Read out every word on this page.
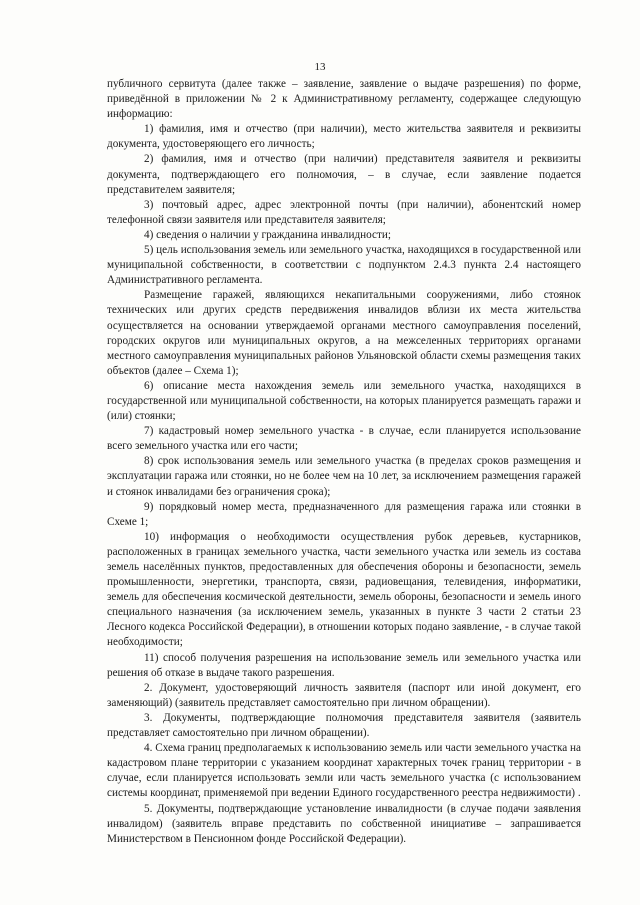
13

публичного сервитута (далее также – заявление, заявление о выдаче разрешения) по форме, приведённой в приложении № 2 к Административному регламенту, содержащее следующую информацию:

1) фамилия, имя и отчество (при наличии), место жительства заявителя и реквизиты документа, удостоверяющего его личность;

2) фамилия, имя и отчество (при наличии) представителя заявителя и реквизиты документа, подтверждающего его полномочия, – в случае, если заявление подается представителем заявителя;

3) почтовый адрес, адрес электронной почты (при наличии), абонентский номер телефонной связи заявителя или представителя заявителя;

4) сведения о наличии у гражданина инвалидности;

5) цель использования земель или земельного участка, находящихся в государственной или муниципальной собственности, в соответствии с подпунктом 2.4.3 пункта 2.4 настоящего Административного регламента.

Размещение гаражей, являющихся некапитальными сооружениями, либо стоянок технических или других средств передвижения инвалидов вблизи их места жительства осуществляется на основании утверждаемой органами местного самоуправления поселений, городских округов или муниципальных округов, а на межселенных территориях органами местного самоуправления муниципальных районов Ульяновской области схемы размещения таких объектов (далее – Схема 1);

6) описание места нахождения земель или земельного участка, находящихся в государственной или муниципальной собственности, на которых планируется размещать гаражи и (или) стоянки;

7) кадастровый номер земельного участка - в случае, если планируется использование всего земельного участка или его части;

8) срок использования земель или земельного участка (в пределах сроков размещения и эксплуатации гаража или стоянки, но не более чем на 10 лет, за исключением размещения гаражей и стоянок инвалидами без ограничения срока);

9) порядковый номер места, предназначенного для размещения гаража или стоянки в Схеме 1;

10) информация о необходимости осуществления рубок деревьев, кустарников, расположенных в границах земельного участка, части земельного участка или земель из состава земель населённых пунктов, предоставленных для обеспечения обороны и безопасности, земель промышленности, энергетики, транспорта, связи, радиовещания, телевидения, информатики, земель для обеспечения космической деятельности, земель обороны, безопасности и земель иного специального назначения (за исключением земель, указанных в пункте 3 части 2 статьи 23 Лесного кодекса Российской Федерации), в отношении которых подано заявление, - в случае такой необходимости;

11) способ получения разрешения на использование земель или земельного участка или решения об отказе в выдаче такого разрешения.

2. Документ, удостоверяющий личность заявителя (паспорт или иной документ, его заменяющий) (заявитель представляет самостоятельно при личном обращении).

3. Документы, подтверждающие полномочия представителя заявителя (заявитель представляет самостоятельно при личном обращении).

4. Схема границ предполагаемых к использованию земель или части земельного участка на кадастровом плане территории с указанием координат характерных точек границ территории - в случае, если планируется использовать земли или часть земельного участка (с использованием системы координат, применяемой при ведении Единого государственного реестра недвижимости) .

5. Документы, подтверждающие установление инвалидности (в случае подачи заявления инвалидом) (заявитель вправе представить по собственной инициативе – запрашивается Министерством в Пенсионном фонде Российской Федерации).
